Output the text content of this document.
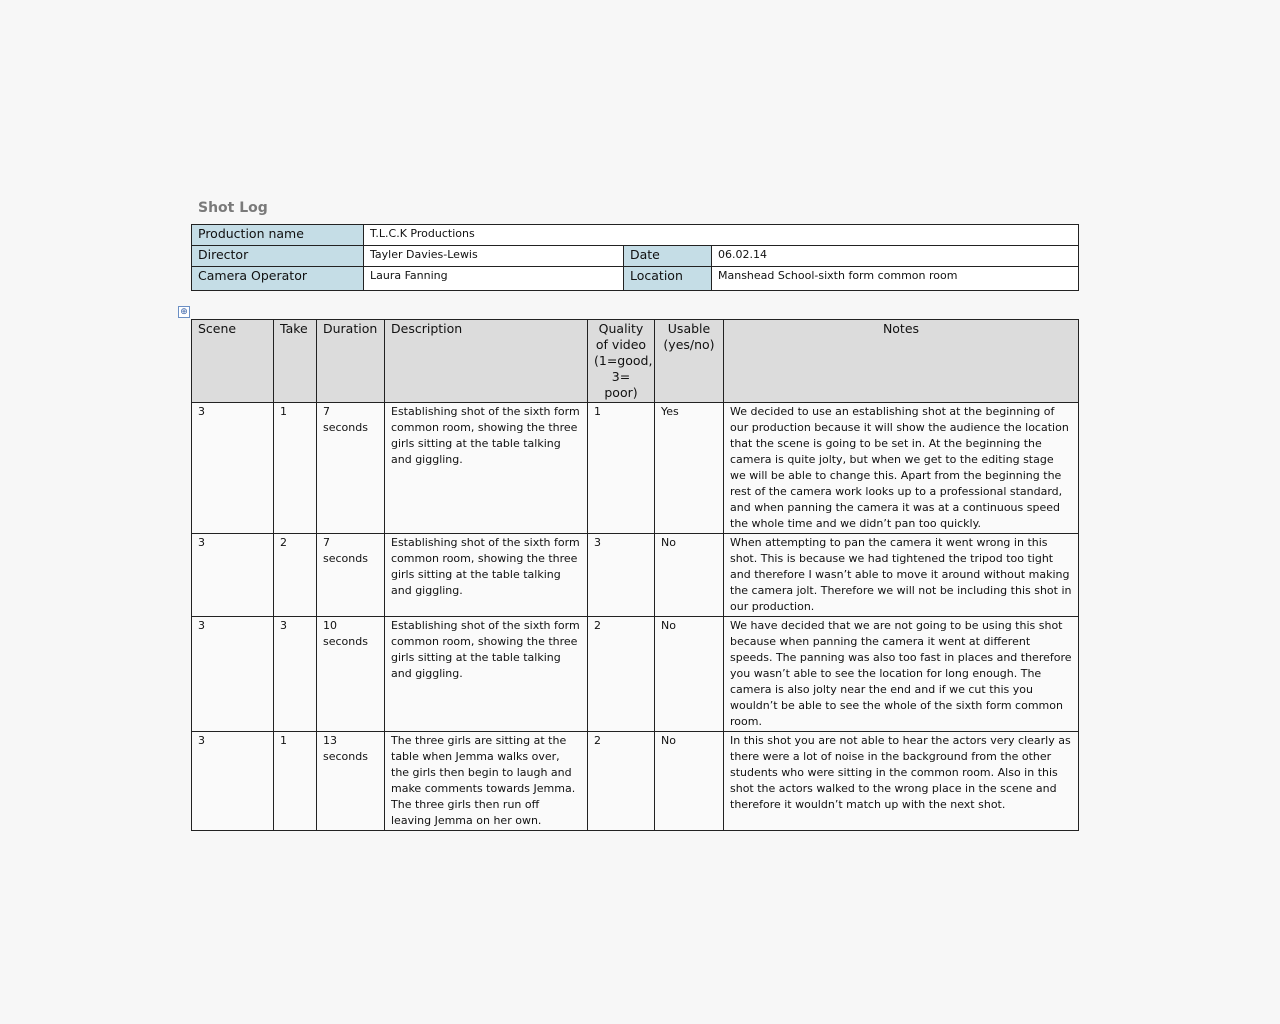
Shot Log
Production name	T.L.C.K Productions		
Director	Tayler Davies-Lewis	Date	06.02.14
Camera Operator	Laura Fanning	Location	Manshead School-sixth form common room
⊕
Scene	Take	Duration	Description	Quality of video (1=good, 3= poor)	Usable (yes/no)	Notes
3	1	7 seconds	Establishing shot of the sixth form common room, showing the three girls sitting at the table talking and giggling.	1	Yes	We decided to use an establishing shot at the beginning of our production because it will show the audience the location that the scene is going to be set in. At the beginning the camera is quite jolty, but when we get to the editing stage we will be able to change this. Apart from the beginning the rest of the camera work looks up to a professional standard, and when panning the camera it was at a continuous speed the whole time and we didn’t pan too quickly.
3	2	7 seconds	Establishing shot of the sixth form common room, showing the three girls sitting at the table talking and giggling.	3	No	When attempting to pan the camera it went wrong in this shot. This is because we had tightened the tripod too tight and therefore I wasn’t able to move it around without making the camera jolt. Therefore we will not be including this shot in our production.
3	3	10 seconds	Establishing shot of the sixth form common room, showing the three girls sitting at the table talking and giggling.	2	No	We have decided that we are not going to be using this shot because when panning the camera it went at different speeds. The panning was also too fast in places and therefore you wasn’t able to see the location for long enough. The camera is also jolty near the end and if we cut this you wouldn’t be able to see the whole of the sixth form common room.
3	1	13 seconds	The three girls are sitting at the table when Jemma walks over, the girls then begin to laugh and make comments towards Jemma. The three girls then run off leaving Jemma on her own.	2	No	In this shot you are not able to hear the actors very clearly as there were a lot of noise in the background from the other students who were sitting in the common room. Also in this shot the actors walked to the wrong place in the scene and therefore it wouldn’t match up with the next shot.
